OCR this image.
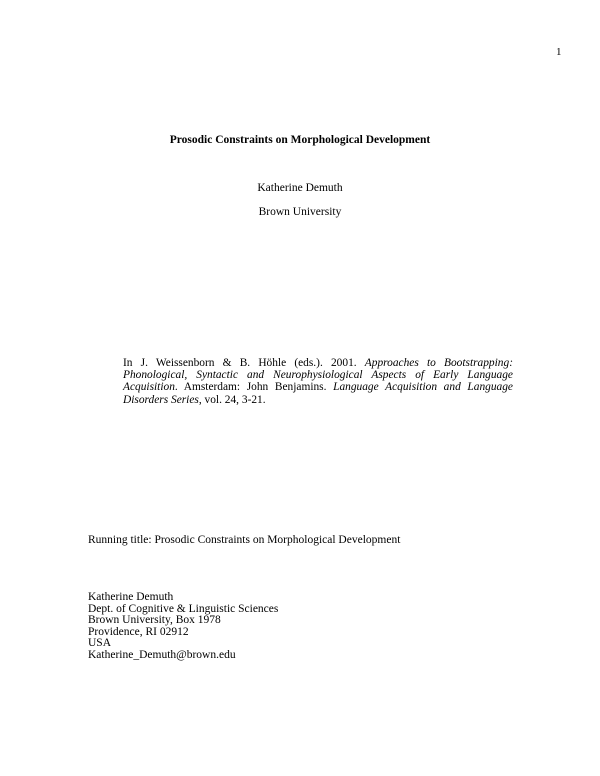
1
Prosodic Constraints on Morphological Development
Katherine Demuth
Brown University
In J. Weissenborn & B. Höhle (eds.). 2001. Approaches to Bootstrapping: Phonological, Syntactic and Neurophysiological Aspects of Early Language Acquisition. Amsterdam: John Benjamins. Language Acquisition and Language Disorders Series, vol. 24, 3-21.
Running title: Prosodic Constraints on Morphological Development
Katherine Demuth
Dept. of Cognitive & Linguistic Sciences
Brown University, Box 1978
Providence, RI 02912
USA
Katherine_Demuth@brown.edu
